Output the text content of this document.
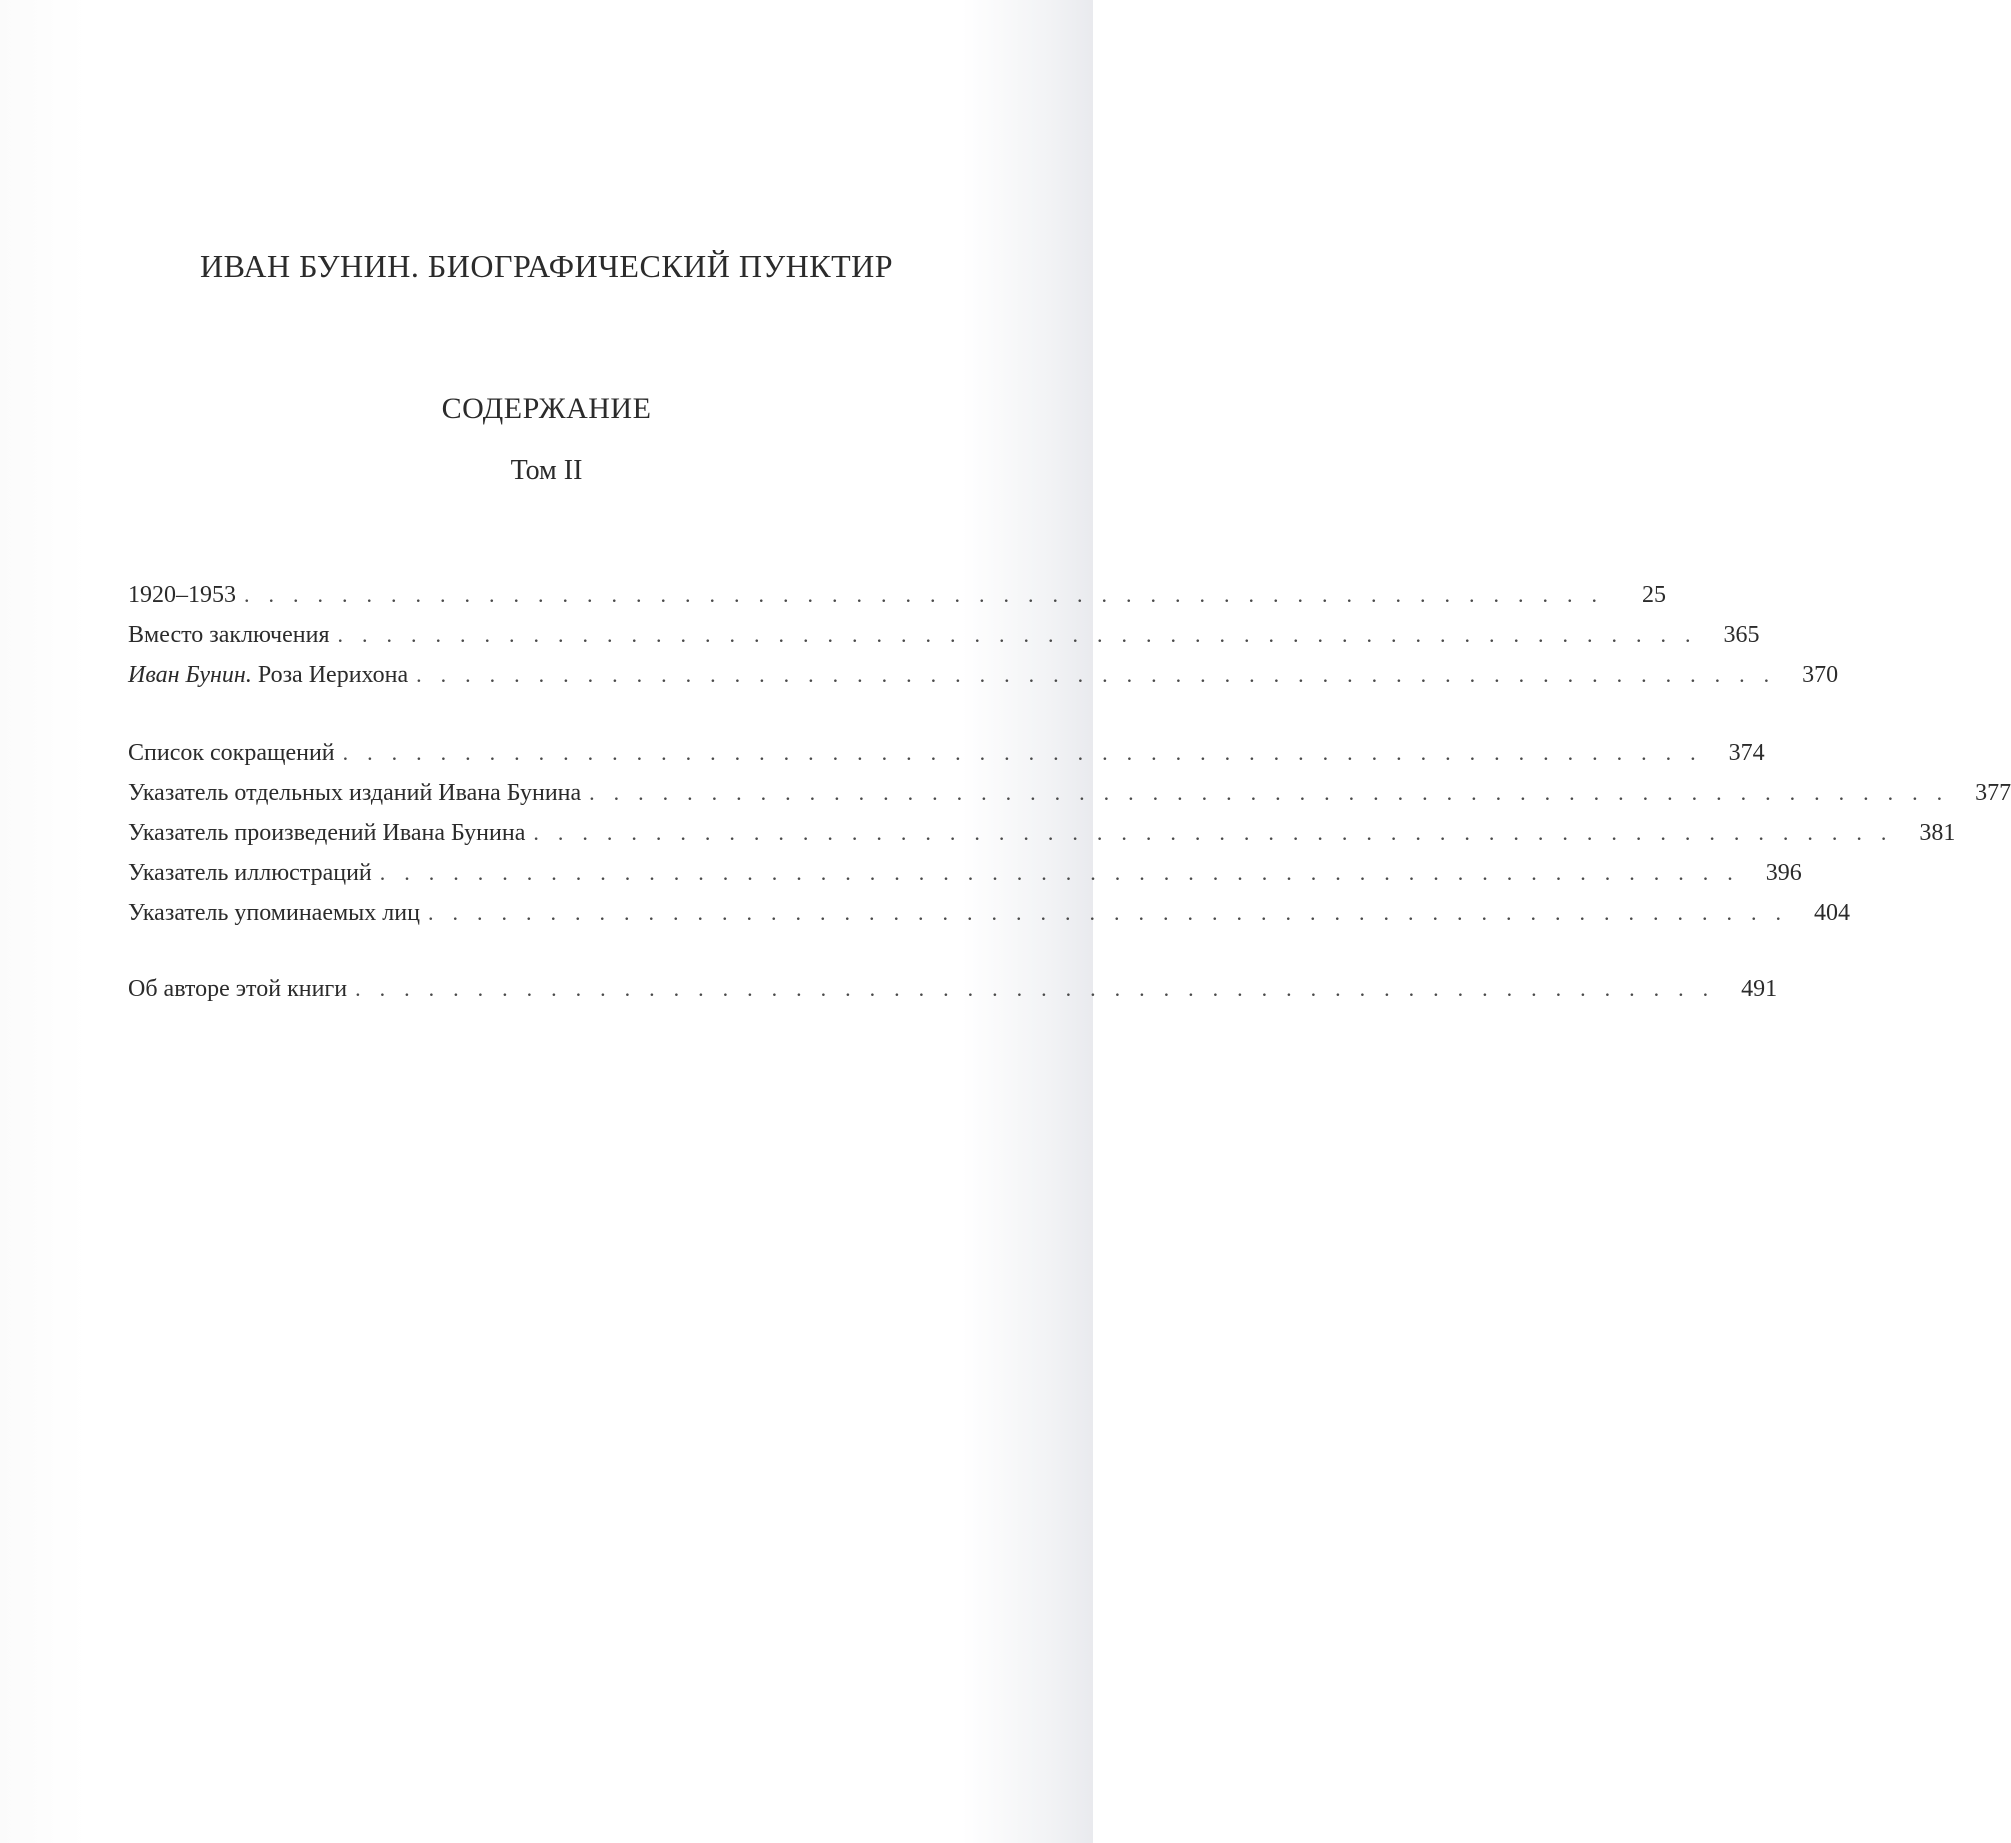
ИВАН БУНИН. БИОГРАФИЧЕСКИЙ ПУНКТИР
СОДЕРЖАНИЕ
Том II
1920–1953 ........................................................	25
Вместо заключения ........................................................ 365
Иван Бунин. Роза Иерихона ........................................................ 370
Список сокращений ........................................................ 374
Указатель отдельных изданий Ивана Бунина ........................................................ 377
Указатель произведений Ивана Бунина ........................................................ 381
Указатель иллюстраций ........................................................ 396
Указатель упоминаемых лиц ........................................................ 404
Об авторе этой книги ........................................................ 491
